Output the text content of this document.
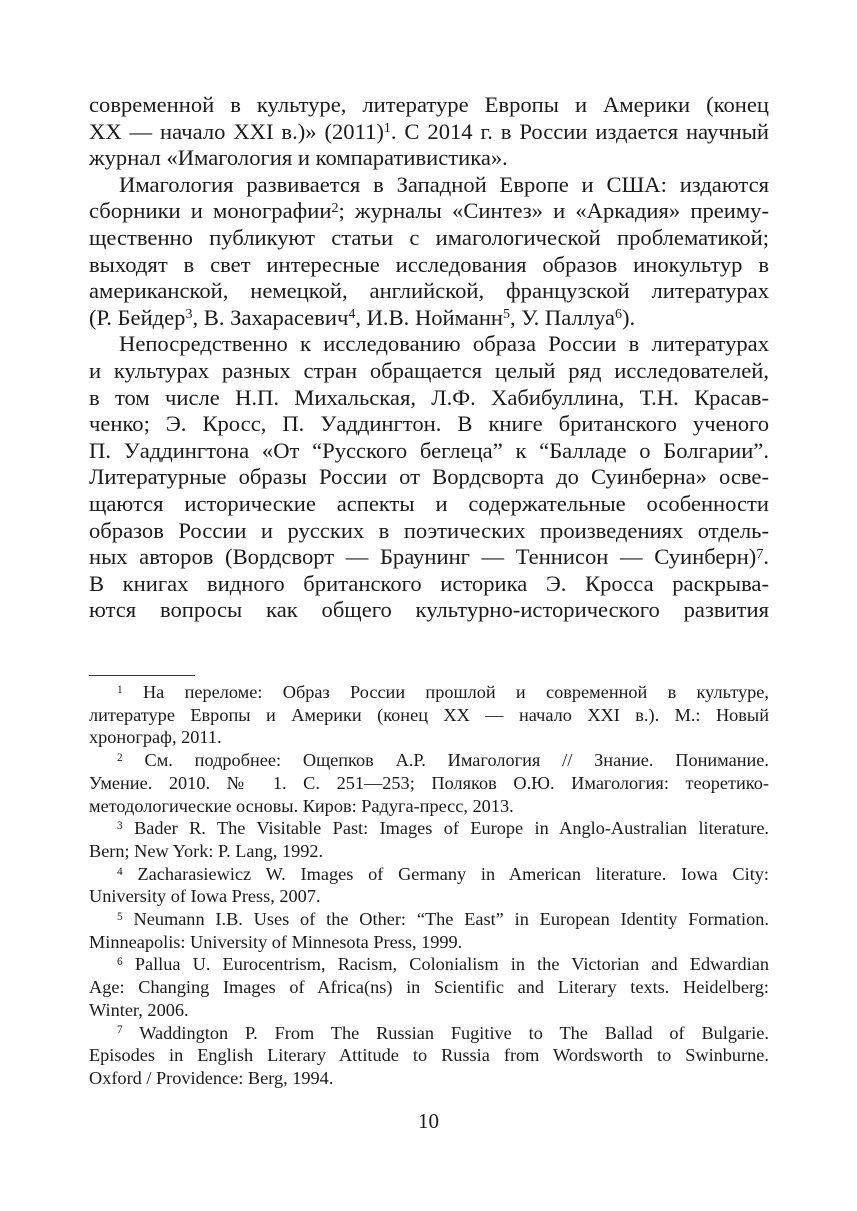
современной в культуре, литературе Европы и Америки (конец
XX — начало XXI в.)» $(2011)^1$. С 2014 г. в России издается научный
журнал «Имагология и компаративистика».

Имагология развивается в Западной Европе и США: издаются
сборники и монографии$^2$; журналы «Синтез» и «Аркадия» преиму-
щественно публикуют статьи с имагологической проблематикой;
выходят в свет интересные исследования образов инокультур в
американской, немецкой, английской, французской литературах
(Р. Бейдер$^3$, В. Захарасевич$^4$, И.В. Нойманн$^5$, У. Паллуа$^6$).

Непосредственно к исследованию образа России в литературах
и культурах разных стран обращается целый ряд исследователей,
в том числе Н.П. Михальская, Л.Ф. Хабибуллина, Т.Н. Красав-
ченко; Э. Кросс, П. Уаддингтон. В книге британского ученого
П. Уаддингтона «От “Русского беглеца” к “Балладе о Болгарии”.
Литературные образы России от Вордсворта до Суинберна» осве-
щаются исторические аспекты и содержательные особенности
образов России и русских в поэтических произведениях отдель-
ных авторов (Вордсворт — Браунинг — Теннисон — Суинберн)$^7$.
В книгах видного британского историка Э. Кросса раскрыва-
ются вопросы как общего культурно-исторического развития

$^1$ На переломе: Образ России прошлой и современной в культуре,
литературе Европы и Америки (конец XX — начало XXI в.). М.: Новый
хронограф, 2011.

$^2$ См. подробнее: Ощепков А.Р. Имагология // Знание. Понимание.
Умение. 2010. № 1. С. 251—253; Поляков О.Ю. Имагология: теоретико-
методологические основы. Киров: Радуга-пресс, 2013.

$^3$ Bader R. The Visitable Past: Images of Europe in Anglo-Australian literature.
Bern; New York: P. Lang, 1992.

$^4$ Zacharasiewicz W. Images of Germany in American literature. Iowa City:
University of Iowa Press, 2007.

$^5$ Neumann I.B. Uses of the Other: “The East” in European Identity Formation.
Minneapolis: University of Minnesota Press, 1999.

$^6$ Pallua U. Eurocentrism, Racism, Colonialism in the Victorian and Edwardian
Age: Changing Images of Africa(ns) in Scientific and Literary texts. Heidelberg:
Winter, 2006.

$^7$ Waddington P. From The Russian Fugitive to The Ballad of Bulgarie.
Episodes in English Literary Attitude to Russia from Wordsworth to Swinburne.
Oxford / Providence: Berg, 1994.

10
